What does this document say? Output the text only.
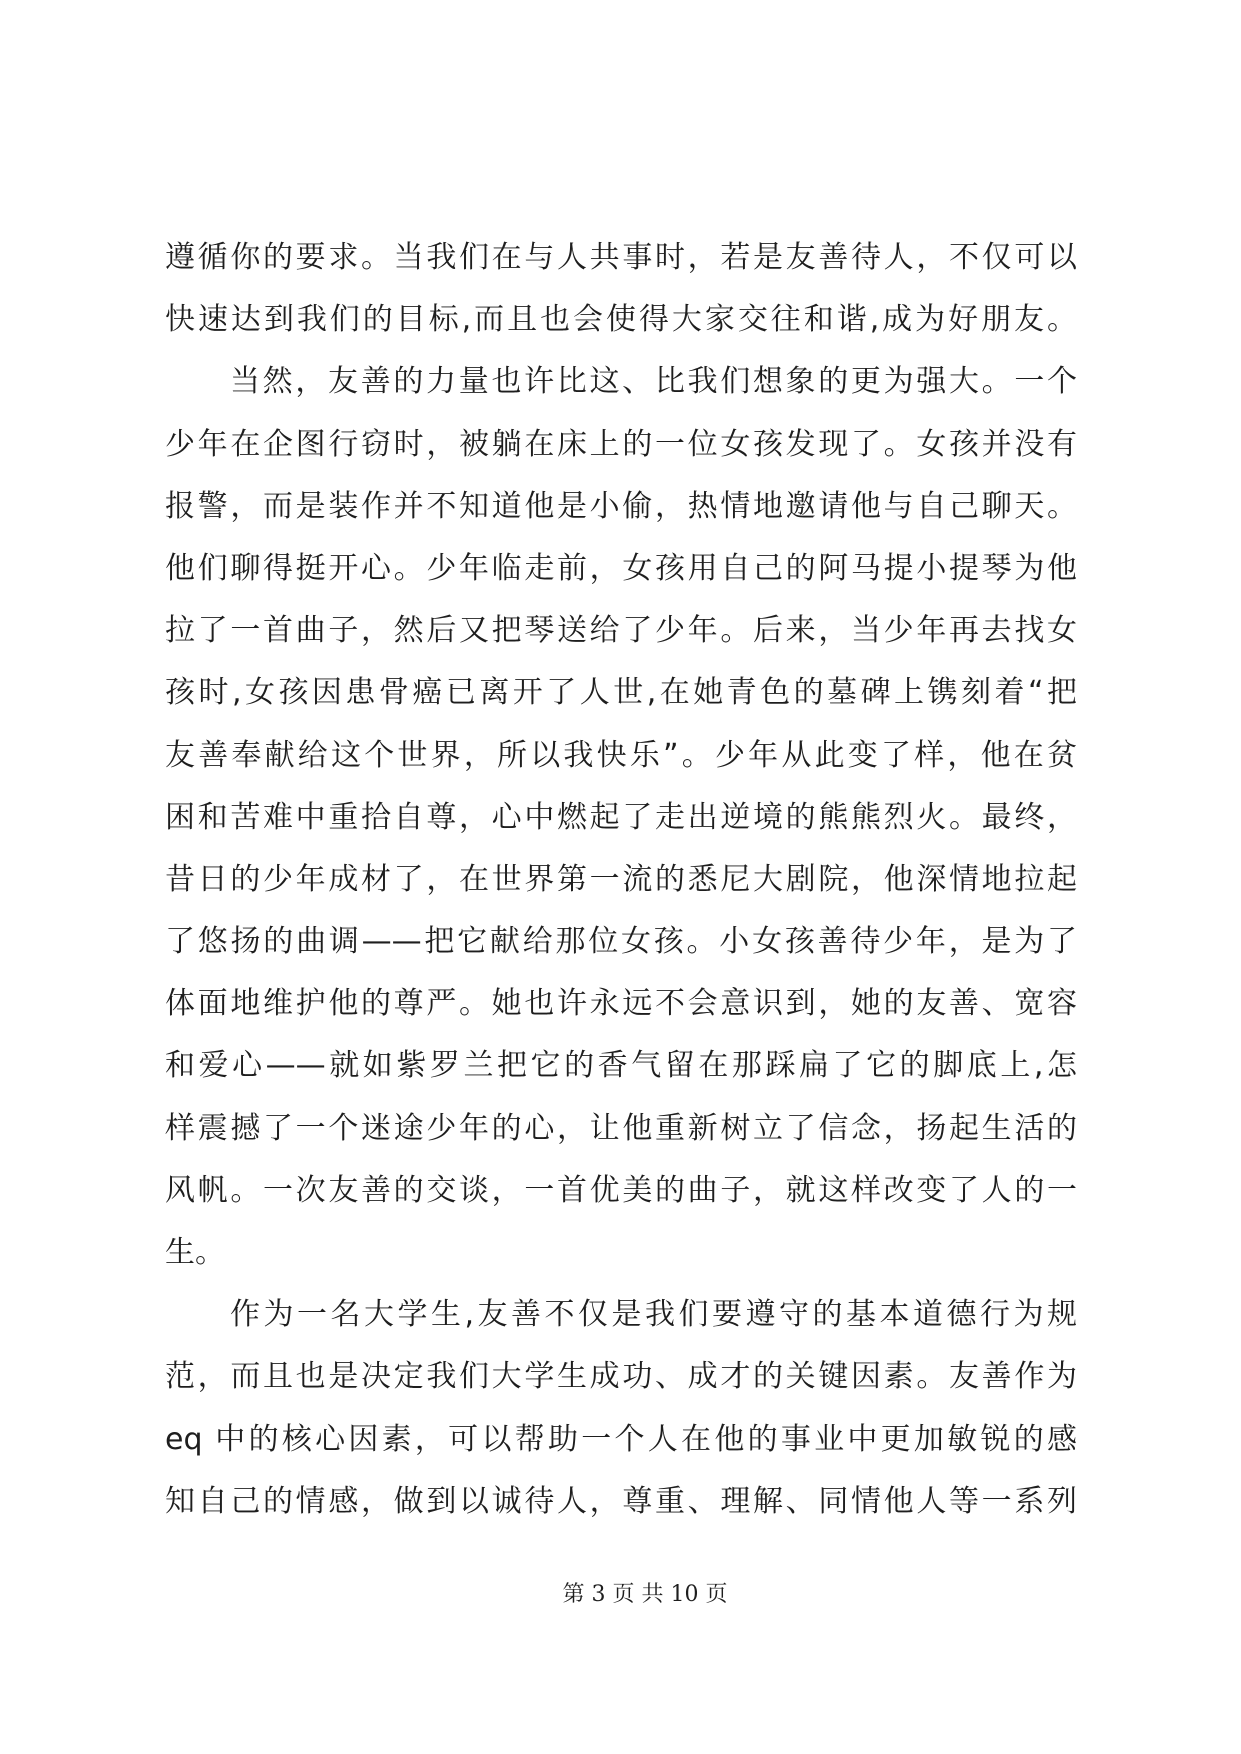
遵循你的要求。当我们在与人共事时，若是友善待人，不仅可以
快速达到我们的目标,而且也会使得大家交往和谐,成为好朋友。
当然，友善的力量也许比这、比我们想象的更为强大。一个
少年在企图行窃时，被躺在床上的一位女孩发现了。女孩并没有
报警，而是装作并不知道他是小偷，热情地邀请他与自己聊天。
他们聊得挺开心。少年临走前，女孩用自己的阿马提小提琴为他
拉了一首曲子，然后又把琴送给了少年。后来，当少年再去找女
孩时,女孩因患骨癌已离开了人世,在她青色的墓碑上镌刻着“把
友善奉献给这个世界，所以我快乐”。少年从此变了样，他在贫
困和苦难中重拾自尊，心中燃起了走出逆境的熊熊烈火。最终，
昔日的少年成材了，在世界第一流的悉尼大剧院，他深情地拉起
了悠扬的曲调——把它献给那位女孩。小女孩善待少年，是为了
体面地维护他的尊严。她也许永远不会意识到，她的友善、宽容
和爱心——就如紫罗兰把它的香气留在那踩扁了它的脚底上,怎
样震撼了一个迷途少年的心，让他重新树立了信念，扬起生活的
风帆。一次友善的交谈，一首优美的曲子，就这样改变了人的一
生。
作为一名大学生,友善不仅是我们要遵守的基本道德行为规
范，而且也是决定我们大学生成功、成才的关键因素。友善作为
eq 中的核心因素，可以帮助一个人在他的事业中更加敏锐的感
知自己的情感，做到以诚待人，尊重、理解、同情他人等一系列
第 3 页 共 10 页
